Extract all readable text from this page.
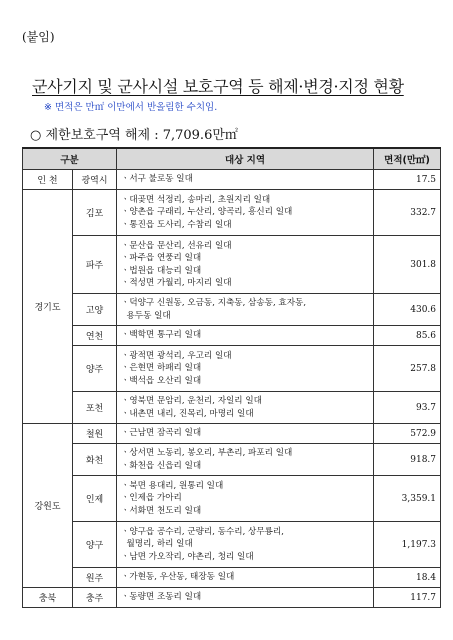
(붙임)
군사기지 및 군사시설 보호구역 등 해제·변경·지정 현황
※ 면적은 만㎡ 이만에서 반올림한 수치임.
○ 제한보호구역 해제 : 7,709.6만㎡
구분		대상 지역	면적(만㎡)
인 천	광역시	ㆍ서구 불로동 일대	17.5
경기도	김포	ㆍ대곶면 석정리, 송마리, 초원지리 일대
ㆍ양촌읍 구래리, 누산리, 양곡리, 흥신리 일대
ㆍ통진읍 도사리, 수참리 일대	332.7
	파주	ㆍ문산읍 문산리, 선유리 일대
ㆍ파주읍 연풍리 일대
ㆍ법원읍 대능리 일대
ㆍ적성면 가월리, 마지리 일대	301.8
	고양	ㆍ덕양구 신원동, 오금동, 지축동, 삼송동, 효자동,
용두동 일대	430.6
	연천	ㆍ백학면 통구리 일대	85.6
	양주	ㆍ광적면 광석리, 우고리 일대
ㆍ은현면 하패리 일대
ㆍ백석읍 오산리 일대	257.8
	포천	ㆍ영북면 문암리, 운천리, 자일리 일대
ㆍ내촌면 내리, 진목리, 마명리 일대	93.7
강원도	철원	ㆍ근남면 잠곡리 일대	572.9
	화천	ㆍ상서면 노동리, 봉오리, 부촌리, 파포리 일대
ㆍ화천읍 신읍리 일대	918.7
	인제	ㆍ북면 용대리, 원통리 일대
ㆍ인제읍 가아리
ㆍ서화면 천도리 일대	3,359.1
	양구	ㆍ양구읍 공수리, 군량리, 동수리, 상무룡리,
월명리, 하리 일대
ㆍ남면 가오작리, 야촌리, 청리 일대	1,197.3
	원주	ㆍ가현동, 우산동, 태장동 일대	18.4
충북	충주	ㆍ동량면 조동리 일대	117.7
